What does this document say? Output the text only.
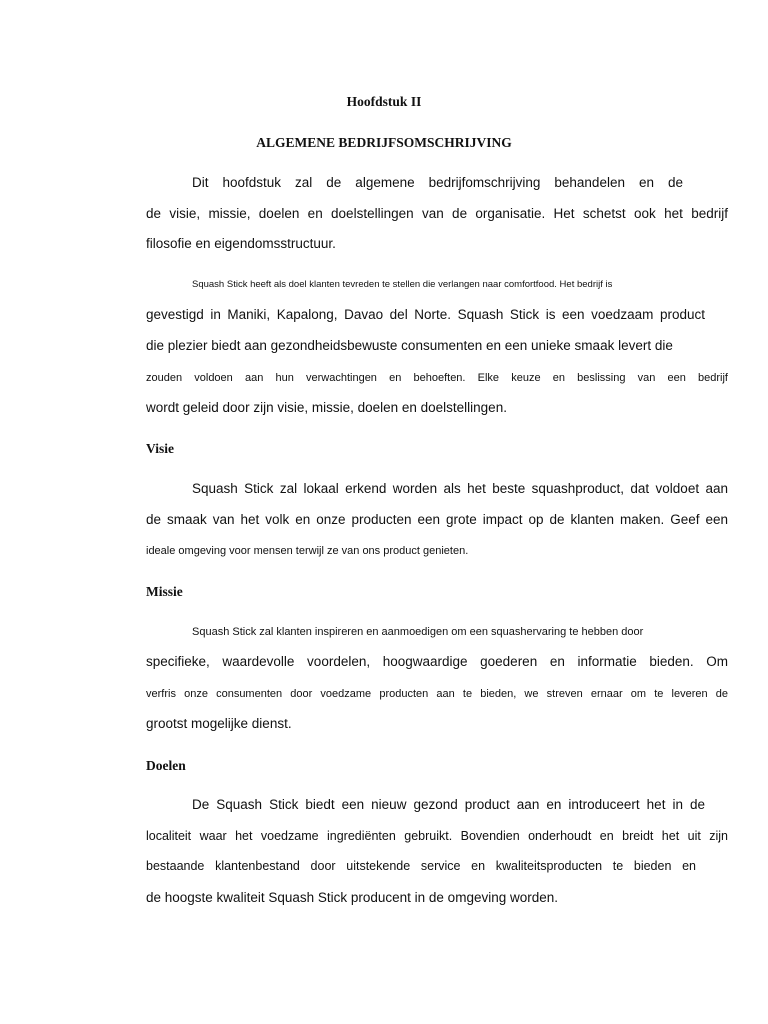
Hoofdstuk II
ALGEMENE BEDRIJFSOMSCHRIJVING
Dit hoofdstuk zal de algemene bedrijfomschrijving behandelen en de
de visie, missie, doelen en doelstellingen van de organisatie. Het schetst ook het bedrijf
filosofie en eigendomsstructuur.
Squash Stick heeft als doel klanten tevreden te stellen die verlangen naar comfortfood. Het bedrijf is
gevestigd in Maniki, Kapalong, Davao del Norte. Squash Stick is een voedzaam product
die plezier biedt aan gezondheidsbewuste consumenten en een unieke smaak levert die
zouden voldoen aan hun verwachtingen en behoeften. Elke keuze en beslissing van een bedrijf
wordt geleid door zijn visie, missie, doelen en doelstellingen.
Visie
Squash Stick zal lokaal erkend worden als het beste squashproduct, dat voldoet aan
de smaak van het volk en onze producten een grote impact op de klanten maken. Geef een
ideale omgeving voor mensen terwijl ze van ons product genieten.
Missie
Squash Stick zal klanten inspireren en aanmoedigen om een squashervaring te hebben door
specifieke, waardevolle voordelen, hoogwaardige goederen en informatie bieden. Om
verfris onze consumenten door voedzame producten aan te bieden, we streven ernaar om te leveren de
grootst mogelijke dienst.
Doelen
De Squash Stick biedt een nieuw gezond product aan en introduceert het in de
localiteit waar het voedzame ingrediënten gebruikt. Bovendien onderhoudt en breidt het uit zijn
bestaande klantenbestand door uitstekende service en kwaliteitsproducten te bieden en
de hoogste kwaliteit Squash Stick producent in de omgeving worden.
